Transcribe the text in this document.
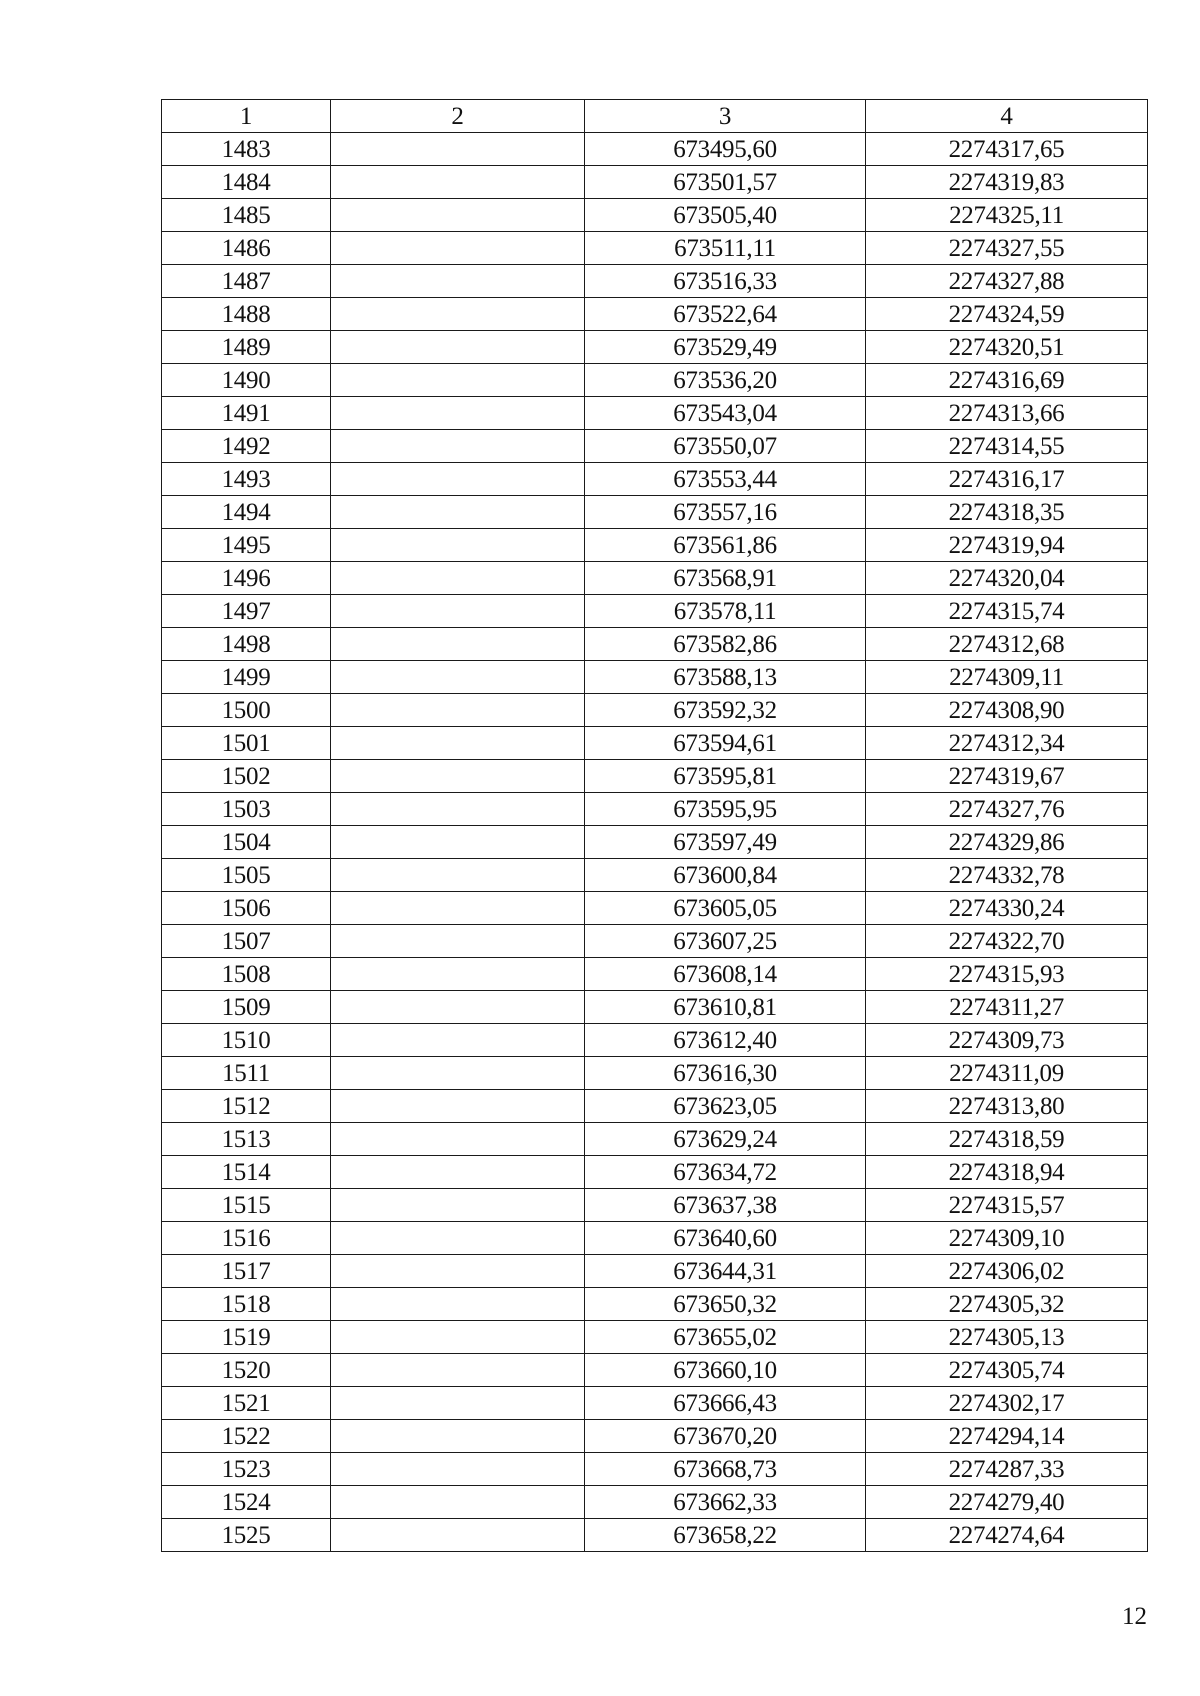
1	2	3	4
1483		673495,60	2274317,65
1484		673501,57	2274319,83
1485		673505,40	2274325,11
1486		673511,11	2274327,55
1487		673516,33	2274327,88
1488		673522,64	2274324,59
1489		673529,49	2274320,51
1490		673536,20	2274316,69
1491		673543,04	2274313,66
1492		673550,07	2274314,55
1493		673553,44	2274316,17
1494		673557,16	2274318,35
1495		673561,86	2274319,94
1496		673568,91	2274320,04
1497		673578,11	2274315,74
1498		673582,86	2274312,68
1499		673588,13	2274309,11
1500		673592,32	2274308,90
1501		673594,61	2274312,34
1502		673595,81	2274319,67
1503		673595,95	2274327,76
1504		673597,49	2274329,86
1505		673600,84	2274332,78
1506		673605,05	2274330,24
1507		673607,25	2274322,70
1508		673608,14	2274315,93
1509		673610,81	2274311,27
1510		673612,40	2274309,73
1511		673616,30	2274311,09
1512		673623,05	2274313,80
1513		673629,24	2274318,59
1514		673634,72	2274318,94
1515		673637,38	2274315,57
1516		673640,60	2274309,10
1517		673644,31	2274306,02
1518		673650,32	2274305,32
1519		673655,02	2274305,13
1520		673660,10	2274305,74
1521		673666,43	2274302,17
1522		673670,20	2274294,14
1523		673668,73	2274287,33
1524		673662,33	2274279,40
1525		673658,22	2274274,64
12
